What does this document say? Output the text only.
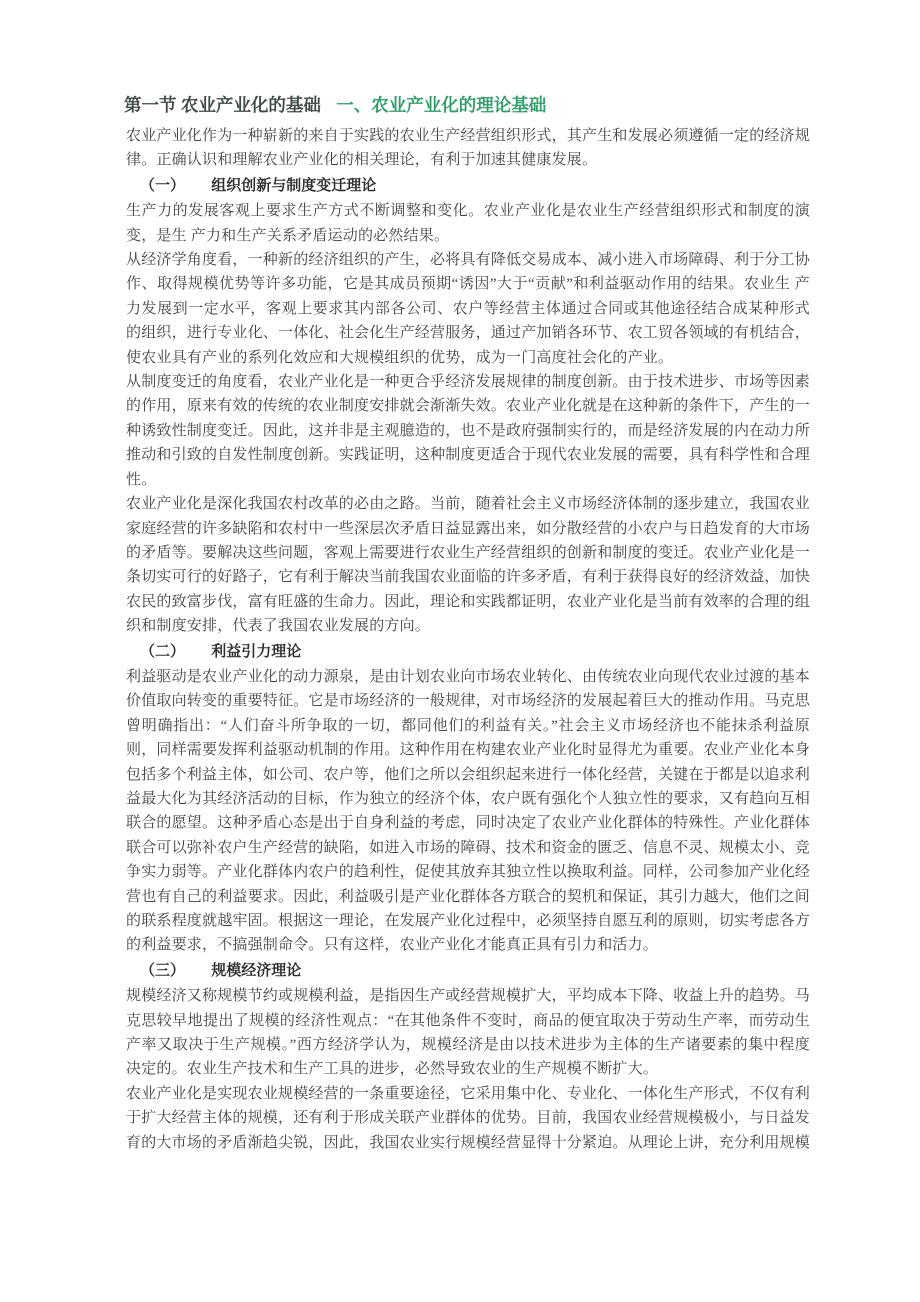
第一节 农业产业化的基础 一、农业产业化的理论基础

农业产业化作为一种崭新的来自于实践的农业生产经营组织形式，其产生和发展必须遵循一定的经济规 律。正确认识和理解农业产业化的相关理论，有利于加速其健康发展。

（一） 组织创新与制度变迁理论

生产力的发展客观上要求生产方式不断调整和变化。农业产业化是农业生产经营组织形式和制度的演变，是生 产力和生产关系矛盾运动的必然结果。

从经济学角度看，一种新的经济组织的产生，必将具有降低交易成本、减小进入市场障碍、利于分工协 作、取得规模优势等许多功能，它是其成员预期“诱因”大于“贡献”和利益驱动作用的结果。农业生 产力发展到一定水平，客观上要求其内部各公司、农户等经营主体通过合同或其他途径结合成某种形式 的组织，进行专业化、一体化、社会化生产经营服务，通过产加销各环节、农工贸各领域的有机结合， 使农业具有产业的系列化效应和大规模组织的优势，成为一门高度社会化的产业。

从制度变迁的角度看，农业产业化是一种更合乎经济发展规律的制度创新。由于技术进步、市场等因素 的作用，原来有效的传统的农业制度安排就会渐渐失效。农业产业化就是在这种新的条件下，产生的一 种诱致性制度变迁。因此，这并非是主观臆造的，也不是政府强制实行的，而是经济发展的内在动力所 推动和引致的自发性制度创新。实践证明，这种制度更适合于现代农业发展的需要，具有科学性和合理 性。

农业产业化是深化我国农村改革的必由之路。当前，随着社会主义市场经济体制的逐步建立，我国农业 家庭经营的许多缺陷和农村中一些深层次矛盾日益显露出来，如分散经营的小农户与日趋发育的大市场 的矛盾等。要解决这些问题，客观上需要进行农业生产经营组织的创新和制度的变迁。农业产业化是一 条切实可行的好路子，它有利于解决当前我国农业面临的许多矛盾，有利于获得良好的经济效益，加快 农民的致富步伐，富有旺盛的生命力。因此，理论和实践都证明，农业产业化是当前有效率的合理的组 织和制度安排，代表了我国农业发展的方向。

（二） 利益引力理论

利益驱动是农业产业化的动力源泉，是由计划农业向市场农业转化、由传统农业向现代农业过渡的基本 价值取向转变的重要特征。它是市场经济的一般规律，对市场经济的发展起着巨大的推动作用。马克思 曾明确指出：“人们奋斗所争取的一切，都同他们的利益有关。”社会主义市场经济也不能抹杀利益原 则，同样需要发挥利益驱动机制的作用。这种作用在构建农业产业化时显得尤为重要。农业产业化本身 包括多个利益主体，如公司、农户等，他们之所以会组织起来进行一体化经营，关键在于都是以追求利 益最大化为其经济活动的目标，作为独立的经济个体，农户既有强化个人独立性的要求，又有趋向互相 联合的愿望。这种矛盾心态是出于自身利益的考虑，同时决定了农业产业化群体的特殊性。产业化群体 联合可以弥补农户生产经营的缺陷，如进入市场的障碍、技术和资金的匮乏、信息不灵、规模太小、竞 争实力弱等。产业化群体内农户的趋利性，促使其放弃其独立性以换取利益。同样，公司参加产业化经 营也有自己的利益要求。因此，利益吸引是产业化群体各方联合的契机和保证，其引力越大，他们之间 的联系程度就越牢固。根据这一理论，在发展产业化过程中，必须坚持自愿互利的原则，切实考虑各方 的利益要求，不搞强制命令。只有这样，农业产业化才能真正具有引力和活力。

（三） 规模经济理论

规模经济又称规模节约或规模利益，是指因生产或经营规模扩大，平均成本下降、收益上升的趋势。马 克思较早地提出了规模的经济性观点：“在其他条件不变时，商品的便宜取决于劳动生产率，而劳动生 产率又取决于生产规模。”西方经济学认为，规模经济是由以技术进步为主体的生产诸要素的集中程度 决定的。农业生产技术和生产工具的进步，必然导致农业的生产规模不断扩大。

农业产业化是实现农业规模经营的一条重要途径，它采用集中化、专业化、一体化生产形式，不仅有利 于扩大经营主体的规模，还有利于形成关联产业群体的优势。目前，我国农业经营规模极小，与日益发 育的大市场的矛盾渐趋尖锐，因此，我国农业实行规模经营显得十分紧迫。从理论上讲，充分利用规模
